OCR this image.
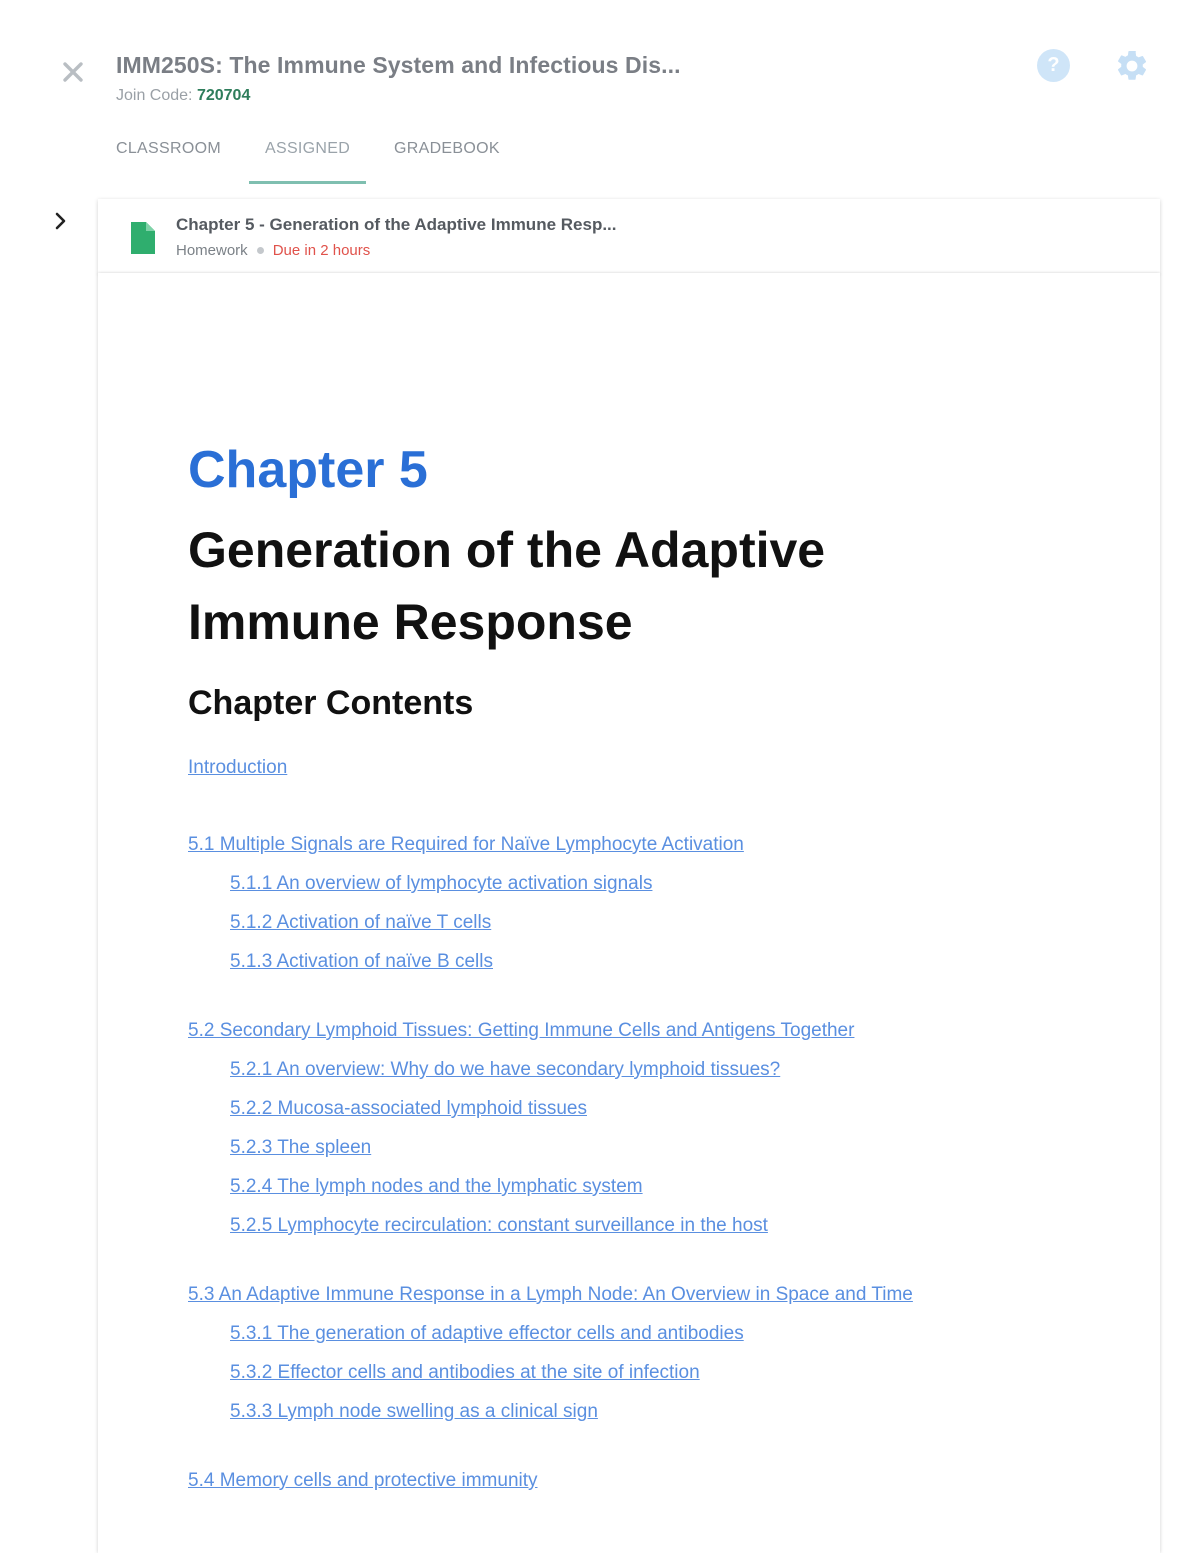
IMM250S: The Immune System and Infectious Dis...
Join Code: 720704
?
CLASSROOM	ASSIGNED	GRADEBOOK
Chapter 5 - Generation of the Adaptive Immune Resp...
Homework Due in 2 hours
Chapter 5
Generation of the Adaptive Immune Response
Chapter Contents
Introduction
5.1 Multiple Signals are Required for Naïve Lymphocyte Activation
5.1.1 An overview of lymphocyte activation signals
5.1.2 Activation of naïve T cells
5.1.3 Activation of naïve B cells
5.2 Secondary Lymphoid Tissues: Getting Immune Cells and Antigens Together
5.2.1 An overview: Why do we have secondary lymphoid tissues?
5.2.2 Mucosa-associated lymphoid tissues
5.2.3 The spleen
5.2.4 The lymph nodes and the lymphatic system
5.2.5 Lymphocyte recirculation: constant surveillance in the host
5.3 An Adaptive Immune Response in a Lymph Node: An Overview in Space and Time
5.3.1 The generation of adaptive effector cells and antibodies
5.3.2 Effector cells and antibodies at the site of infection
5.3.3 Lymph node swelling as a clinical sign
5.4 Memory cells and protective immunity
